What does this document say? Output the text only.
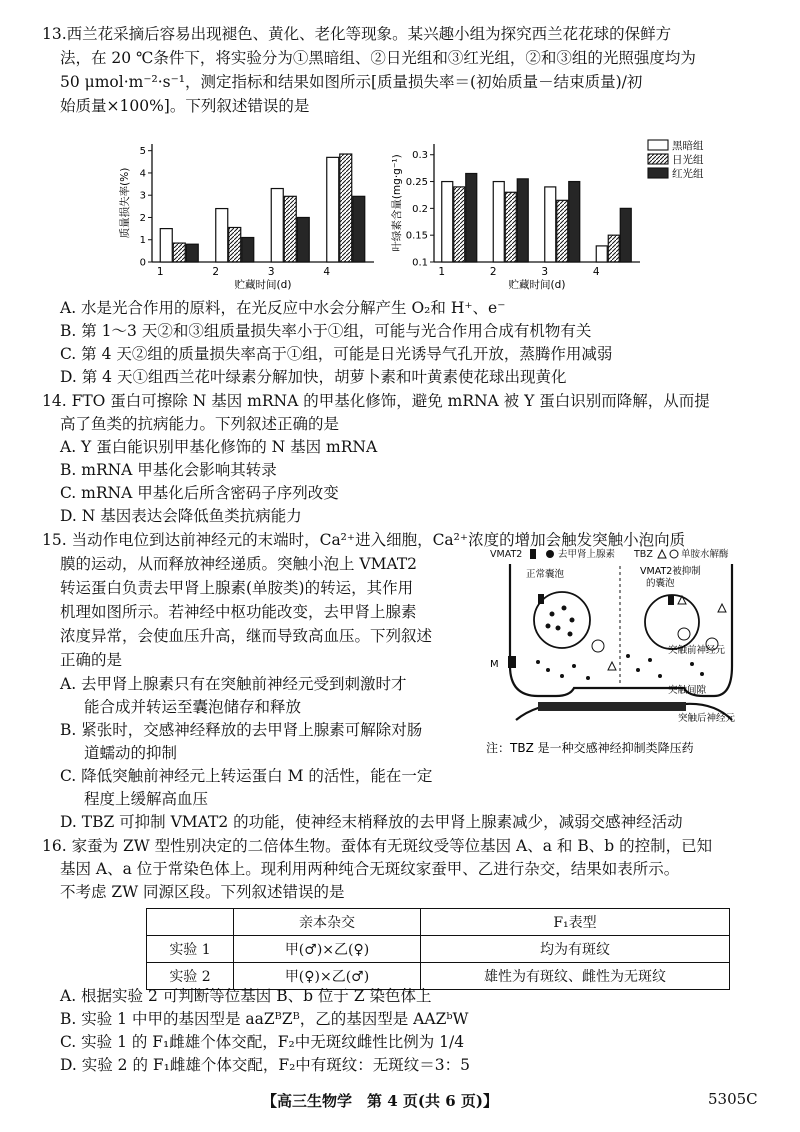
13.西兰花采摘后容易出现褪色、黄化、老化等现象。某兴趣小组为探究西兰花花球的保鲜方
法，在 20 ℃条件下，将实验分为①黑暗组、②日光组和③红光组，②和③组的光照强度均为
50 μmol·m⁻²·s⁻¹，测定指标和结果如图所示[质量损失率＝(初始质量－结束质量)/初
始质量×100%]。下列叙述错误的是
0
1
2
3
4
5
质量损失率(%)
1	2	3	4
贮藏时间(d)
0.1
0.15
0.2
0.25
0.3
叶绿素含量(mg·g⁻¹)
1	2	3	4
贮藏时间(d)
黑暗组
日光组
红光组
A. 水是光合作用的原料，在光反应中水会分解产生 O₂和 H⁺、e⁻
B. 第 1～3 天②和③组质量损失率小于①组，可能与光合作用合成有机物有关
C. 第 4 天②组的质量损失率高于①组，可能是日光诱导气孔开放，蒸腾作用减弱
D. 第 4 天①组西兰花叶绿素分解加快，胡萝卜素和叶黄素使花球出现黄化
14. FTO 蛋白可擦除 N 基因 mRNA 的甲基化修饰，避免 mRNA 被 Y 蛋白识别而降解，从而提
高了鱼类的抗病能力。下列叙述正确的是
A. Y 蛋白能识别甲基化修饰的 N 基因 mRNA
B. mRNA 甲基化会影响其转录
C. mRNA 甲基化后所含密码子序列改变
D. N 基因表达会降低鱼类抗病能力
15. 当动作电位到达前神经元的末端时，Ca²⁺进入细胞，Ca²⁺浓度的增加会触发突触小泡向质
膜的运动，从而释放神经递质。突触小泡上 VMAT2
转运蛋白负责去甲肾上腺素(单胺类)的转运，其作用
机理如图所示。若神经中枢功能改变，去甲肾上腺素
浓度异常，会使血压升高，继而导致高血压。下列叙述
正确的是
A. 去甲肾上腺素只有在突触前神经元受到刺激时才
能合成并转运至囊泡储存和释放
B. 紧张时，交感神经释放的去甲肾上腺素可解除对肠
道蠕动的抑制
C. 降低突触前神经元上转运蛋白 M 的活性，能在一定
程度上缓解高血压
D. TBZ 可抑制 VMAT2 的功能，使神经末梢释放的去甲肾上腺素减少，减弱交感神经活动
VMAT2	去甲肾上腺素 TBZ	单胺水解酶
正常囊泡	VMAT2被抑制
的囊泡
M
突触前神经元
突触间隙
突触后神经元
注：TBZ 是一种交感神经抑制类降压药
16. 家蚕为 ZW 型性别决定的二倍体生物。蚕体有无斑纹受等位基因 A、a 和 B、b 的控制，已知
	亲本杂交	F₁表型
实验 1	甲(♂)×乙(♀)	均为有斑纹
实验 2	甲(♀)×乙(♂)	雄性为有斑纹、雌性为无斑纹
A. 根据实验 2 可判断等位基因 B、b 位于 Z 染色体上
B. 实验 1 中甲的基因型是 aaZᴮZᴮ，乙的基因型是 AAZᵇW
C. 实验 1 的 F₁雌雄个体交配，F₂中无斑纹雌性比例为 1/4
D. 实验 2 的 F₁雌雄个体交配，F₂中有斑纹：无斑纹＝3：5
【高三生物学　第 4 页(共 6 页)】	5305C
基因 A、a 位于常染色体上。现利用两种纯合无斑纹家蚕甲、乙进行杂交，结果如表所示。
不考虑 ZW 同源区段。下列叙述错误的是
